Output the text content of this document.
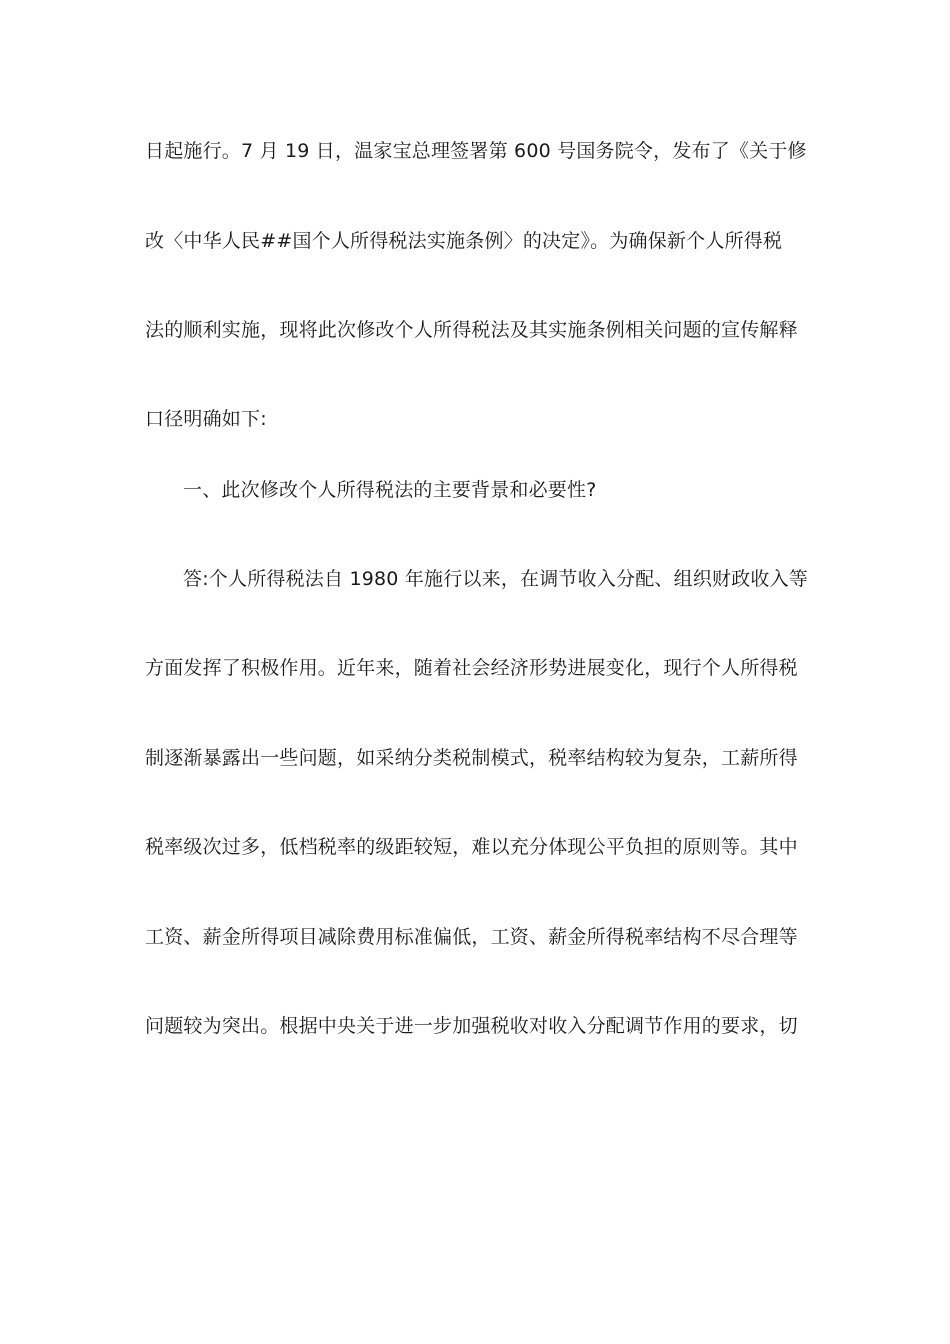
日起施行。7 月 19 日，温家宝总理签署第 600 号国务院令，发布了《关于修
改〈中华人民##国个人所得税法实施条例〉的决定》。为确保新个人所得税
法的顺利实施，现将此次修改个人所得税法及其实施条例相关问题的宣传解释
口径明确如下:
一、此次修改个人所得税法的主要背景和必要性?
答:个人所得税法自 1980 年施行以来，在调节收入分配、组织财政收入等
方面发挥了积极作用。近年来，随着社会经济形势进展变化，现行个人所得税
制逐渐暴露出一些问题，如采纳分类税制模式，税率结构较为复杂，工薪所得
税率级次过多，低档税率的级距较短，难以充分体现公平负担的原则等。其中
工资、薪金所得项目减除费用标准偏低，工资、薪金所得税率结构不尽合理等
问题较为突出。根据中央关于进一步加强税收对收入分配调节作用的要求，切
